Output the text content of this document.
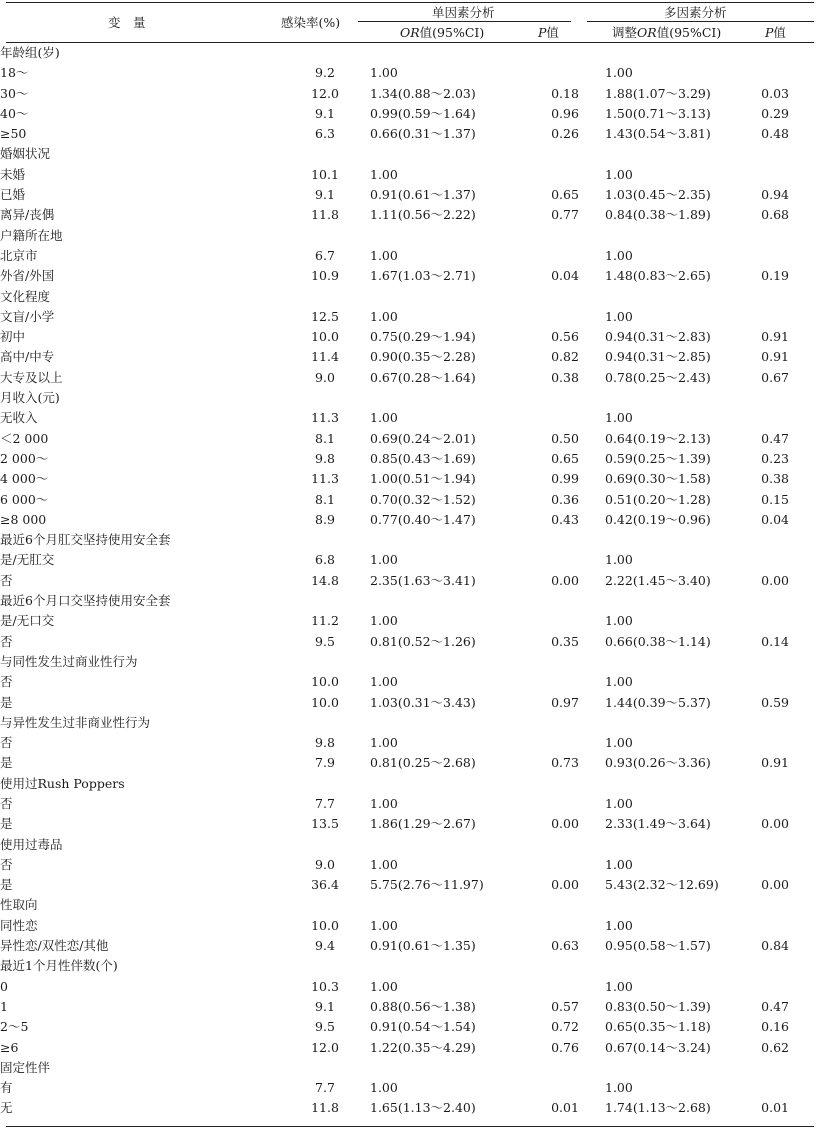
变　量	感染率(%)
单因素分析	多因素分析
OR值(95%CI)	P值	调整OR值(95%CI)	P值
年龄组(岁)					
18～	9.2	1.00		1.00	
30～	12.0	1.34(0.88～2.03)	0.18	1.88(1.07～3.29)	0.03
40～	9.1	0.99(0.59～1.64)	0.96	1.50(0.71～3.13)	0.29
≥50	6.3	0.66(0.31～1.37)	0.26	1.43(0.54～3.81)	0.48
婚姻状况					
未婚	10.1	1.00		1.00	
已婚	9.1	0.91(0.61～1.37)	0.65	1.03(0.45～2.35)	0.94
离异/丧偶	11.8	1.11(0.56～2.22)	0.77	0.84(0.38～1.89)	0.68
户籍所在地					
北京市	6.7	1.00		1.00	
外省/外国	10.9	1.67(1.03～2.71)	0.04	1.48(0.83～2.65)	0.19
文化程度					
文盲/小学	12.5	1.00		1.00	
初中	10.0	0.75(0.29～1.94)	0.56	0.94(0.31～2.83)	0.91
高中/中专	11.4	0.90(0.35～2.28)	0.82	0.94(0.31～2.85)	0.91
大专及以上	9.0	0.67(0.28～1.64)	0.38	0.78(0.25～2.43)	0.67
月收入(元)					
无收入	11.3	1.00		1.00	
＜2 000	8.1	0.69(0.24～2.01)	0.50	0.64(0.19～2.13)	0.47
2 000～	9.8	0.85(0.43～1.69)	0.65	0.59(0.25～1.39)	0.23
4 000～	11.3	1.00(0.51～1.94)	0.99	0.69(0.30～1.58)	0.38
6 000～	8.1	0.70(0.32～1.52)	0.36	0.51(0.20～1.28)	0.15
≥8 000	8.9	0.77(0.40～1.47)	0.43	0.42(0.19～0.96)	0.04
最近6个月肛交坚持使用安全套					
是/无肛交	6.8	1.00		1.00	
否	14.8	2.35(1.63～3.41)	0.00	2.22(1.45～3.40)	0.00
最近6个月口交坚持使用安全套					
是/无口交	11.2	1.00		1.00	
否	9.5	0.81(0.52～1.26)	0.35	0.66(0.38～1.14)	0.14
与同性发生过商业性行为					
否	10.0	1.00		1.00	
是	10.0	1.03(0.31～3.43)	0.97	1.44(0.39～5.37)	0.59
与异性发生过非商业性行为					
否	9.8	1.00		1.00	
是	7.9	0.81(0.25～2.68)	0.73	0.93(0.26～3.36)	0.91
使用过Rush Poppers					
否	7.7	1.00		1.00	
是	13.5	1.86(1.29～2.67)	0.00	2.33(1.49～3.64)	0.00
使用过毒品					
否	9.0	1.00		1.00	
是	36.4	5.75(2.76～11.97)	0.00	5.43(2.32～12.69)	0.00
性取向					
同性恋	10.0	1.00		1.00	
异性恋/双性恋/其他	9.4	0.91(0.61～1.35)	0.63	0.95(0.58～1.57)	0.84
最近1个月性伴数(个)					
0	10.3	1.00		1.00	
1	9.1	0.88(0.56～1.38)	0.57	0.83(0.50～1.39)	0.47
2～5	9.5	0.91(0.54～1.54)	0.72	0.65(0.35～1.18)	0.16
≥6	12.0	1.22(0.35～4.29)	0.76	0.67(0.14～3.24)	0.62
固定性伴					
有	7.7	1.00		1.00	
无	11.8	1.65(1.13～2.40)	0.01	1.74(1.13～2.68)	0.01
